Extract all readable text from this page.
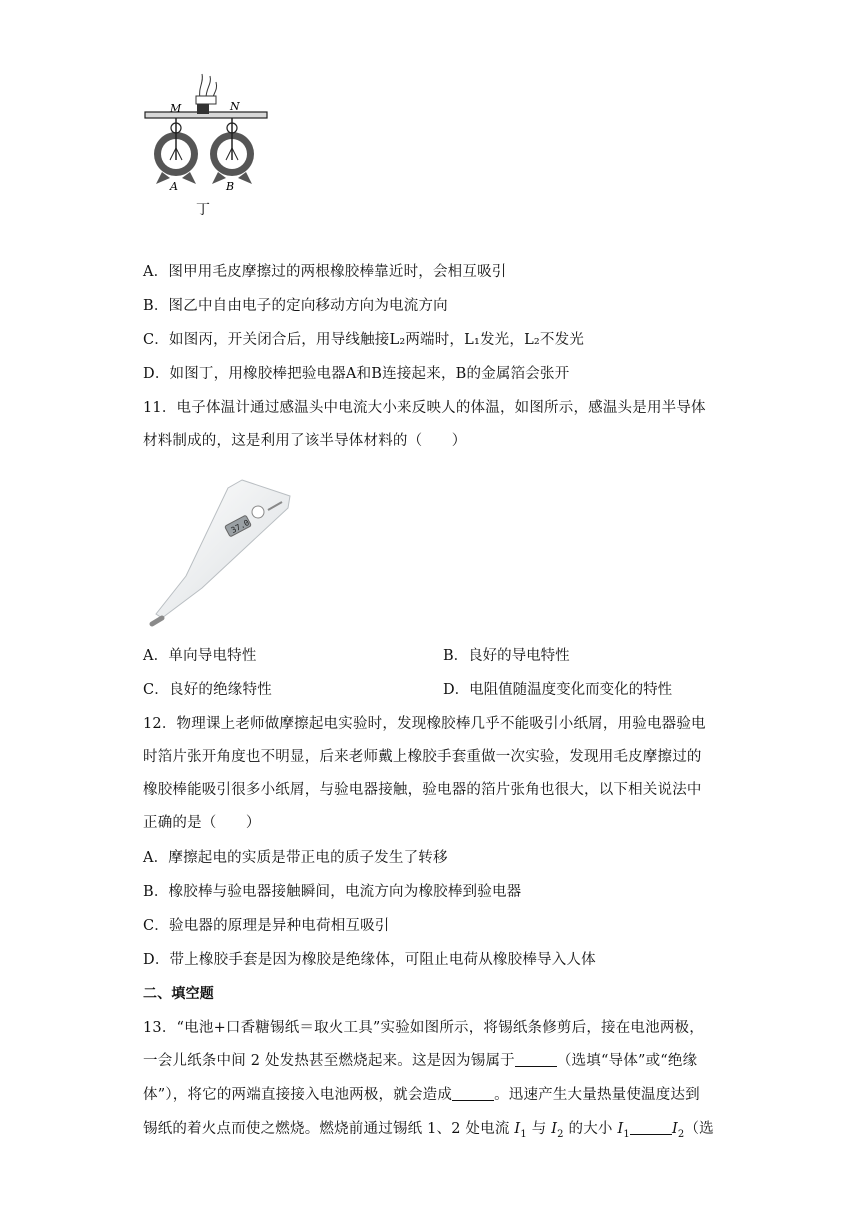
M	N
A	B
丁
A．图甲用毛皮摩擦过的两根橡胶棒靠近时，会相互吸引
B．图乙中自由电子的定向移动方向为电流方向
C．如图丙，开关闭合后，用导线触接L₂两端时，L₁发光，L₂不发光
D．如图丁，用橡胶棒把验电器A和B连接起来，B的金属箔会张开
11．电子体温计通过感温头中电流大小来反映人的体温，如图所示，感温头是用半导体
材料制成的，这是利用了该半导体材料的（　　）
37.0
A．单向导电特性	B．良好的导电特性
C．良好的绝缘特性	D．电阻值随温度变化而变化的特性
12．物理课上老师做摩擦起电实验时，发现橡胶棒几乎不能吸引小纸屑，用验电器验电
时箔片张开角度也不明显，后来老师戴上橡胶手套重做一次实验，发现用毛皮摩擦过的
橡胶棒能吸引很多小纸屑，与验电器接触，验电器的箔片张角也很大，以下相关说法中
正确的是（　　）
A．摩擦起电的实质是带正电的质子发生了转移
B．橡胶棒与验电器接触瞬间，电流方向为橡胶棒到验电器
C．验电器的原理是异种电荷相互吸引
D．带上橡胶手套是因为橡胶是绝缘体，可阻止电荷从橡胶棒导入人体
二、填空题
13．“电池+口香糖锡纸＝取火工具”实验如图所示，将锡纸条修剪后，接在电池两极，
一会儿纸条中间 2 处发热甚至燃烧起来。这是因为锡属于	（选填“导体”或“绝缘
体”），将它的两端直接接入电池两极，就会造成	。迅速产生大量热量使温度达到
锡纸的着火点而使之燃烧。燃烧前通过锡纸 1、2 处电流 $I_1$ 与 $I_2$ 的大小 $I_1$	$I_2$（选
